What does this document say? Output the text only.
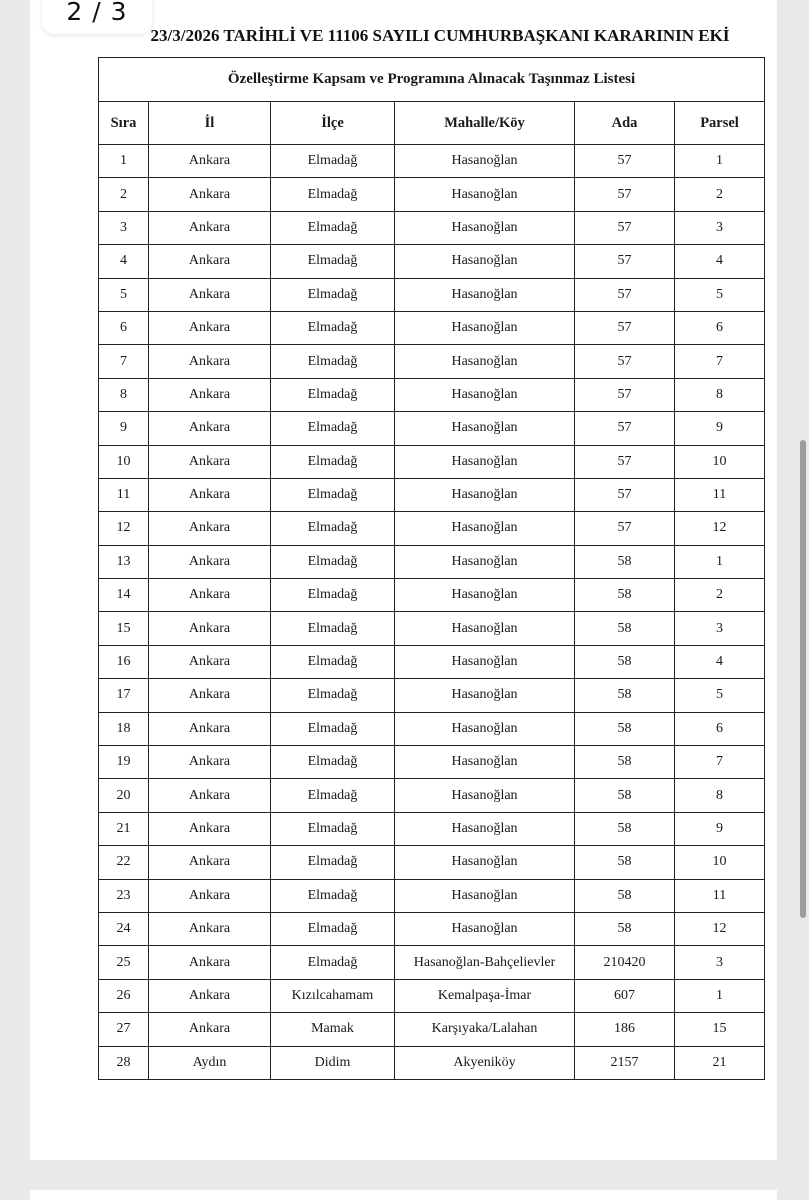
23/3/2026 TARİHLİ VE 11106 SAYILI CUMHURBAŞKANI KARARININ EKİ
Özelleştirme Kapsam ve Programına Alınacak Taşınmaz Listesi					
Sıra	İl	İlçe	Mahalle/Köy	Ada	Parsel
1	Ankara	Elmadağ	Hasanoğlan	57	1
2	Ankara	Elmadağ	Hasanoğlan	57	2
3	Ankara	Elmadağ	Hasanoğlan	57	3
4	Ankara	Elmadağ	Hasanoğlan	57	4
5	Ankara	Elmadağ	Hasanoğlan	57	5
6	Ankara	Elmadağ	Hasanoğlan	57	6
7	Ankara	Elmadağ	Hasanoğlan	57	7
8	Ankara	Elmadağ	Hasanoğlan	57	8
9	Ankara	Elmadağ	Hasanoğlan	57	9
10	Ankara	Elmadağ	Hasanoğlan	57	10
11	Ankara	Elmadağ	Hasanoğlan	57	11
12	Ankara	Elmadağ	Hasanoğlan	57	12
13	Ankara	Elmadağ	Hasanoğlan	58	1
14	Ankara	Elmadağ	Hasanoğlan	58	2
15	Ankara	Elmadağ	Hasanoğlan	58	3
16	Ankara	Elmadağ	Hasanoğlan	58	4
17	Ankara	Elmadağ	Hasanoğlan	58	5
18	Ankara	Elmadağ	Hasanoğlan	58	6
19	Ankara	Elmadağ	Hasanoğlan	58	7
20	Ankara	Elmadağ	Hasanoğlan	58	8
21	Ankara	Elmadağ	Hasanoğlan	58	9
22	Ankara	Elmadağ	Hasanoğlan	58	10
23	Ankara	Elmadağ	Hasanoğlan	58	11
24	Ankara	Elmadağ	Hasanoğlan	58	12
25	Ankara	Elmadağ	Hasanoğlan-Bahçelievler	210420	3
26	Ankara	Kızılcahamam	Kemalpaşa-İmar	607	1
27	Ankara	Mamak	Karşıyaka/Lalahan	186	15
28	Aydın	Didim	Akyeniköy	2157	21
2 / 3
